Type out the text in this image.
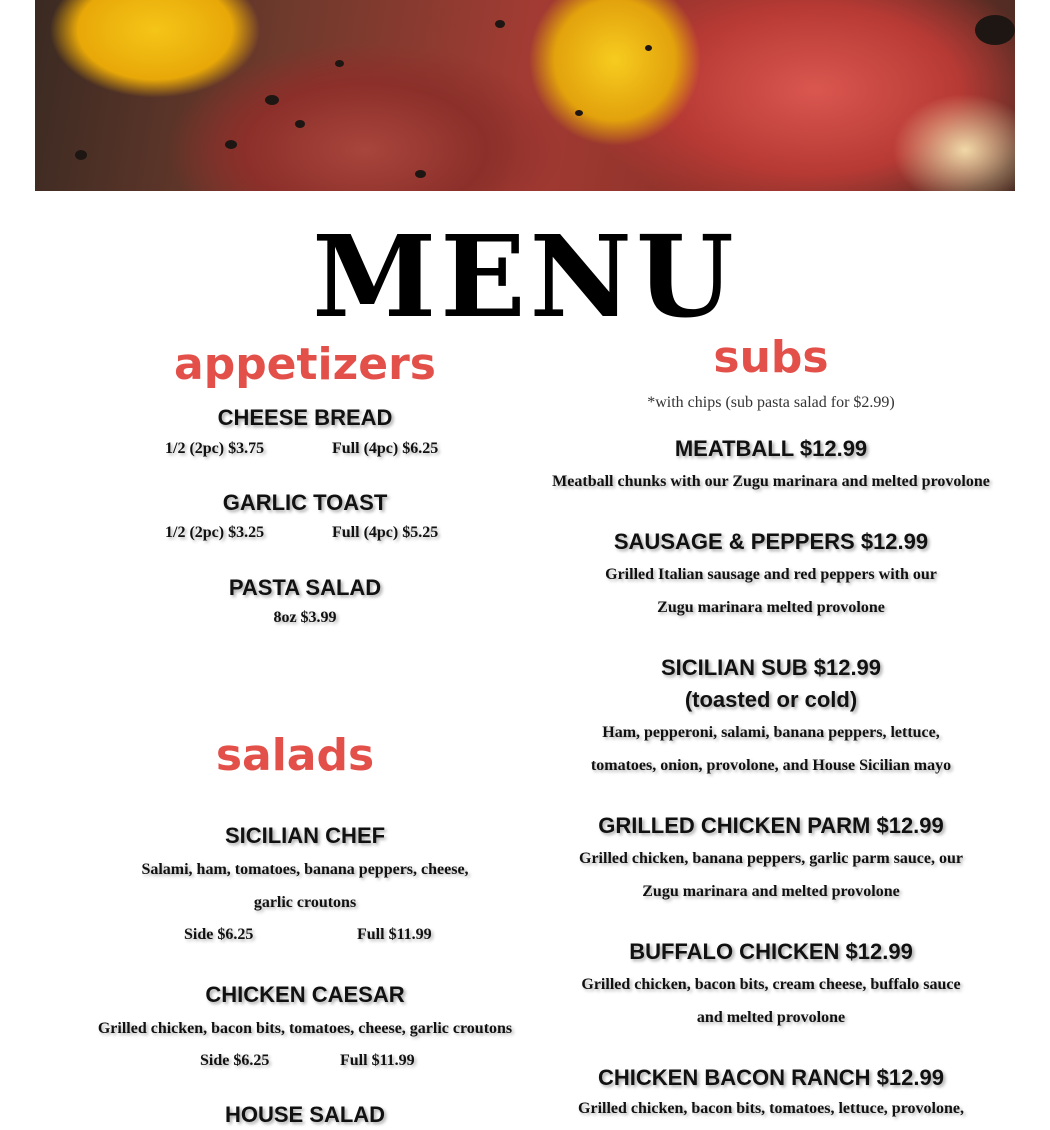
MENU
appetizers
CHEESE BREAD
1/2 (2pc) $3.75	Full (4pc) $6.25
GARLIC TOAST
1/2 (2pc) $3.25	Full (4pc) $5.25
PASTA SALAD
8oz $3.99
salads
SICILIAN CHEF
Salami, ham, tomatoes, banana peppers, cheese, garlic croutons
Side $6.25	Full $11.99
CHICKEN CAESAR
Grilled chicken, bacon bits, tomatoes, cheese, garlic croutons
Side $6.25	Full $11.99
HOUSE SALAD
subs
*with chips (sub pasta salad for $2.99)
MEATBALL $12.99
Meatball chunks with our Zugu marinara and melted provolone
SAUSAGE & PEPPERS $12.99
Grilled Italian sausage and red peppers with our Zugu marinara melted provolone
SICILIAN SUB $12.99
(toasted or cold)
Ham, pepperoni, salami, banana peppers, lettuce, tomatoes, onion, provolone, and House Sicilian mayo
GRILLED CHICKEN PARM $12.99
Grilled chicken, banana peppers, garlic parm sauce, our Zugu marinara and melted provolone
BUFFALO CHICKEN $12.99
Grilled chicken, bacon bits, cream cheese, buffalo sauce and melted provolone
CHICKEN BACON RANCH $12.99
Grilled chicken, bacon bits, tomatoes, lettuce, provolone,
